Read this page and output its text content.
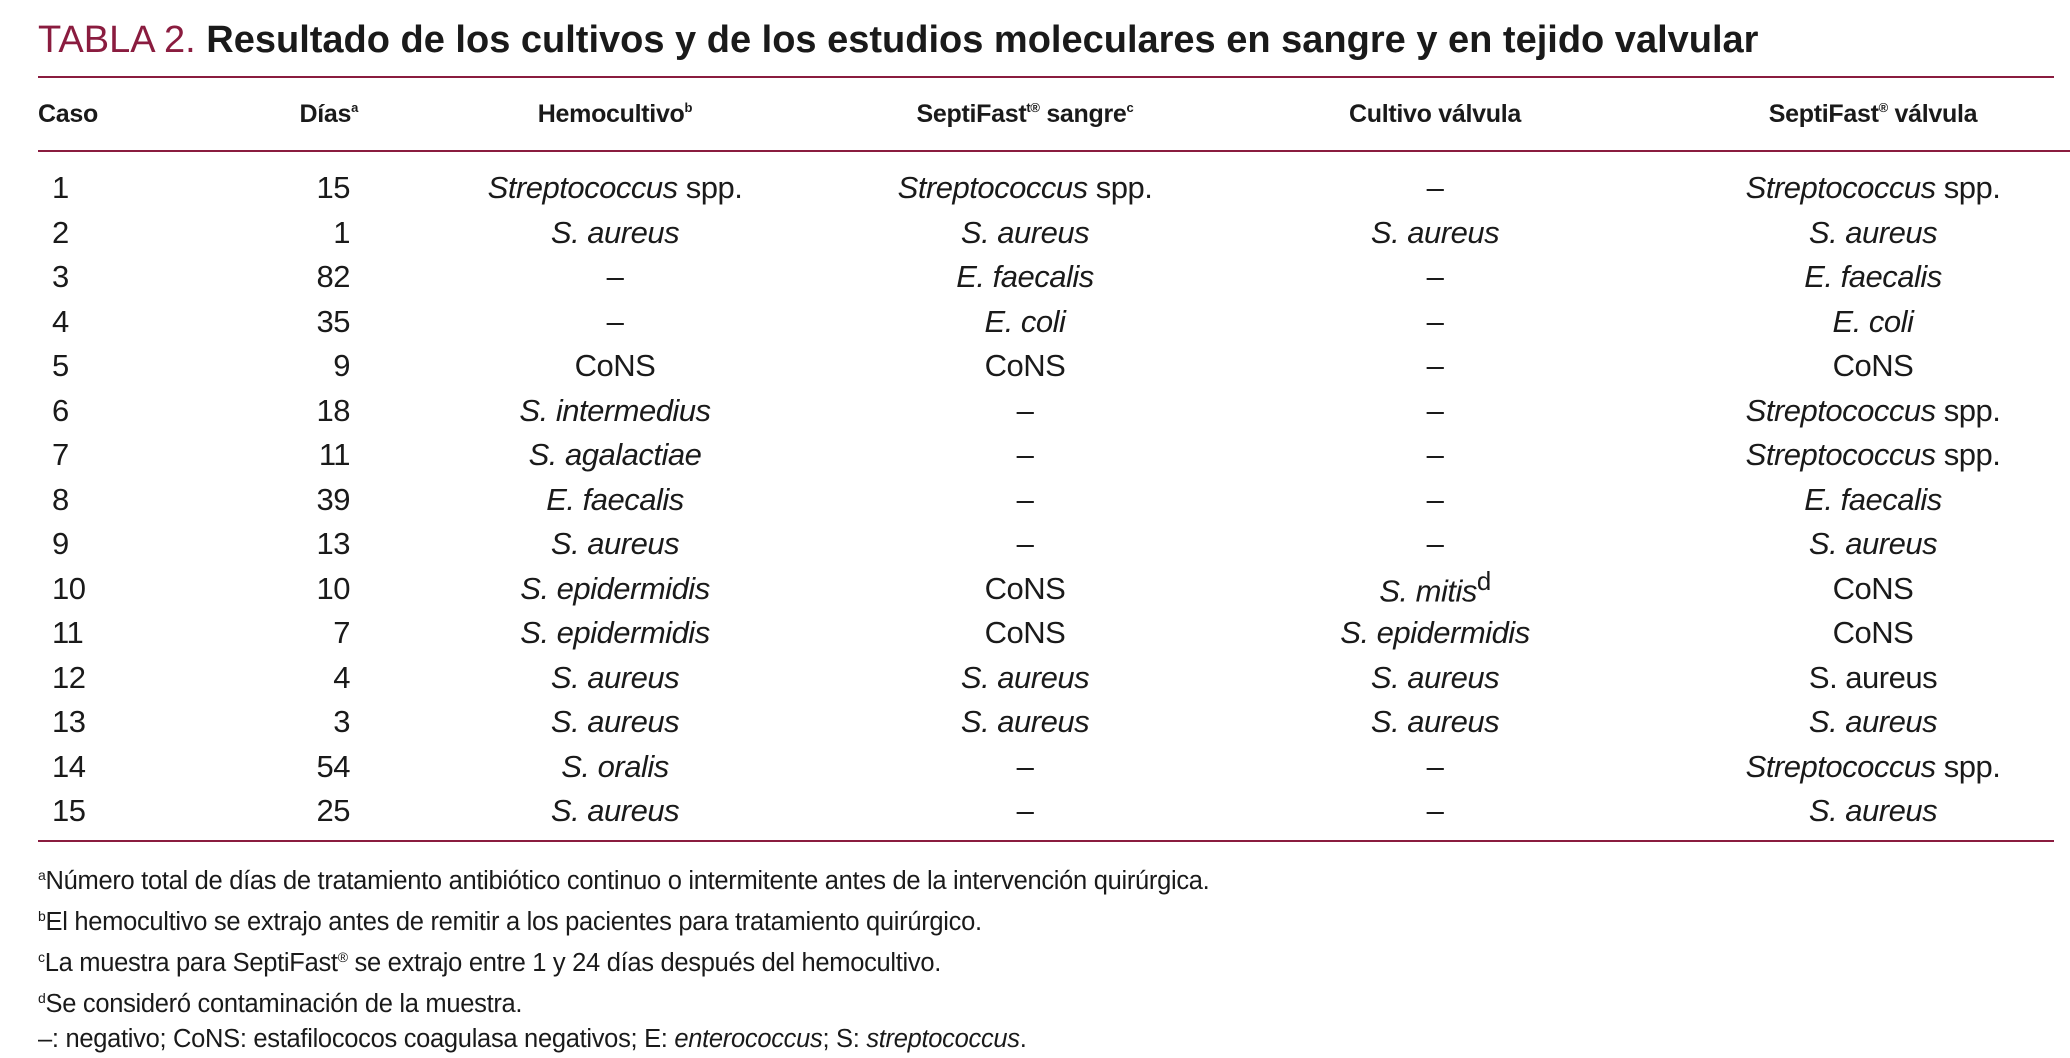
TABLA 2. Resultado de los cultivos y de los estudios moleculares en sangre y en tejido valvular
Caso	Días$^a$	Hemocultivo$^b$	SeptiFast$^{t®}$ sangre$^c$	Cultivo válvula	SeptiFast® válvula

1	15	Streptococcus spp.	Streptococcus spp.	–	Streptococcus spp.
2	1	S. aureus	S. aureus	S. aureus	S. aureus
3	82	–	E. faecalis	–	E. faecalis
4	35	–	E. coli	–	E. coli
5	9	CoNS	CoNS	–	CoNS
6	18	S. intermedius	–	–	Streptococcus spp.
7	11	S. agalactiae	–	–	Streptococcus spp.
8	39	E. faecalis	–	–	E. faecalis
9	13	S. aureus	–	–	S. aureus
10	10	S. epidermidis	CoNS	S. mitis$^d$	CoNS
11	7	S. epidermidis	CoNS	S. epidermidis	CoNS
12	4	S. aureus	S. aureus	S. aureus	S. aureus
13	3	S. aureus	S. aureus	S. aureus	S. aureus
14	54	S. oralis	–	–	Streptococcus spp.
15	25	S. aureus	–	–	S. aureus
$^a$Número total de días de tratamiento antibiótico continuo o intermitente antes de la intervención quirúrgica.
$^b$El hemocultivo se extrajo antes de remitir a los pacientes para tratamiento quirúrgico.
$^c$La muestra para SeptiFast® se extrajo entre 1 y 24 días después del hemocultivo.
$^d$Se consideró contaminación de la muestra.
–: negativo; CoNS: estafilococos coagulasa negativos; E: enterococcus; S: streptococcus.
